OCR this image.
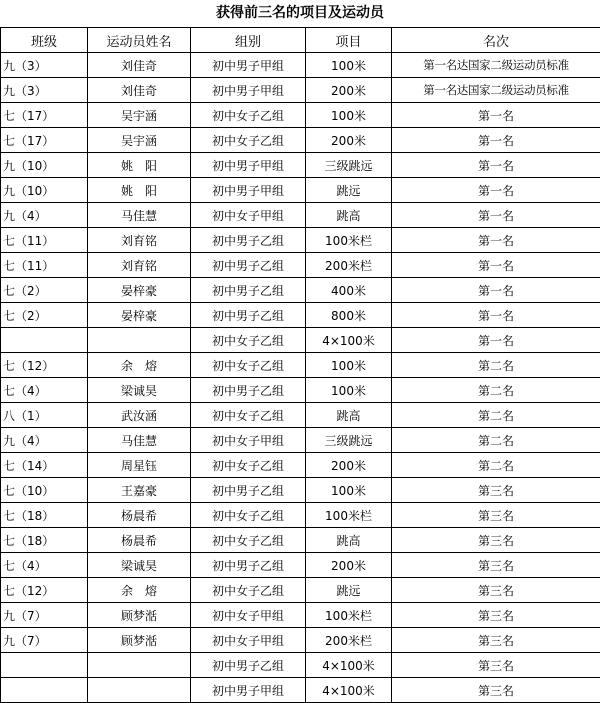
获得前三名的项目及运动员
班级	运动员姓名	组别	项目	名次
九（3）	刘佳奇	初中男子甲组	100米	第一名达国家二级运动员标准
九（3）	刘佳奇	初中男子甲组	200米	第一名达国家二级运动员标准
七（17）	吴宇涵	初中女子乙组	100米	第一名
七（17）	吴宇涵	初中女子乙组	200米	第一名
九（10）	姚　阳	初中男子甲组	三级跳远	第一名
九（10）	姚　阳	初中男子甲组	跳远	第一名
九（4）	马佳慧	初中女子甲组	跳高	第一名
七（11）	刘育铭	初中男子乙组	100米栏	第一名
七（11）	刘育铭	初中男子乙组	200米栏	第一名
七（2）	晏梓豪	初中男子乙组	400米	第一名
七（2）	晏梓豪	初中男子乙组	800米	第一名
		初中女子乙组	4×100米	第一名
七（12）	余　熔	初中女子乙组	100米	第二名
七（4）	梁诚昊	初中男子乙组	100米	第二名
八（1）	武汝涵	初中女子乙组	跳高	第二名
九（4）	马佳慧	初中女子甲组	三级跳远	第二名
七（14）	周星钰	初中女子乙组	200米	第二名
七（10）	王嘉豪	初中男子乙组	100米	第三名
七（18）	杨晨希	初中女子乙组	100米栏	第三名
七（18）	杨晨希	初中女子乙组	跳高	第三名
七（4）	梁诚昊	初中男子乙组	200米	第三名
七（12）	余　熔	初中女子乙组	跳远	第三名
九（7）	顾梦湉	初中女子甲组	100米栏	第三名
九（7）	顾梦湉	初中女子甲组	200米栏	第三名
		初中男子乙组	4×100米	第三名
		初中男子甲组	4×100米	第三名
